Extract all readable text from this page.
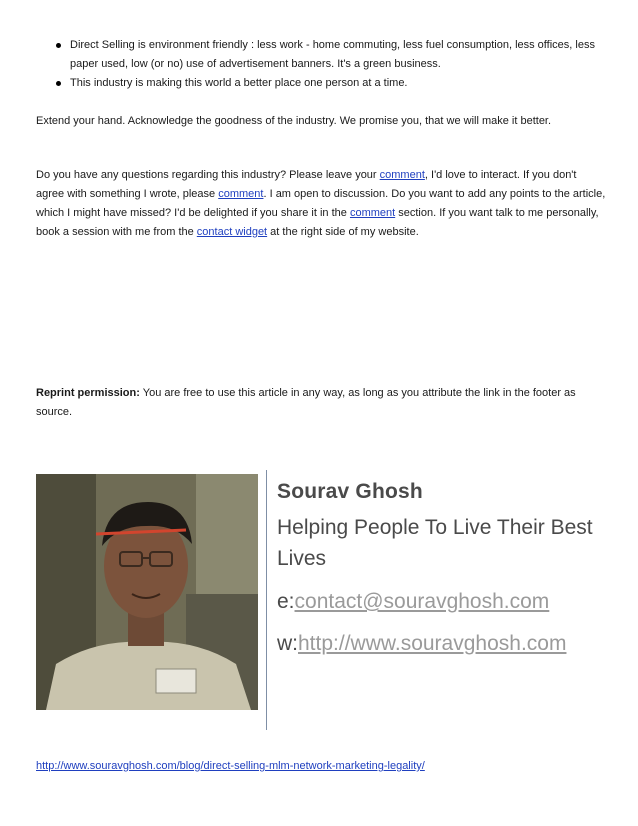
Direct Selling is environment friendly : less work - home commuting, less fuel consumption, less offices, less paper used, low (or no) use of advertisement banners. It's a green business.
This industry is making this world a better place one person at a time.

Extend your hand. Acknowledge the goodness of the industry. We promise you, that we will make it better.

Do you have any questions regarding this industry? Please leave your comment, I'd love to interact. If you don't agree with something I wrote, please comment. I am open to discussion. Do you want to add any points to the article, which I might have missed? I'd be delighted if you share it in the comment section. If you want talk to me personally, book a session with me from the contact widget at the right side of my website.

Reprint permission: You are free to use this article in any way, as long as you attribute the link in the footer as source.

Sourav Ghosh
Helping People To Live Their Best Lives
e:contact@souravghosh.com
w:http://www.souravghosh.com
http://www.souravghosh.com/blog/direct-selling-mlm-network-marketing-legality/
